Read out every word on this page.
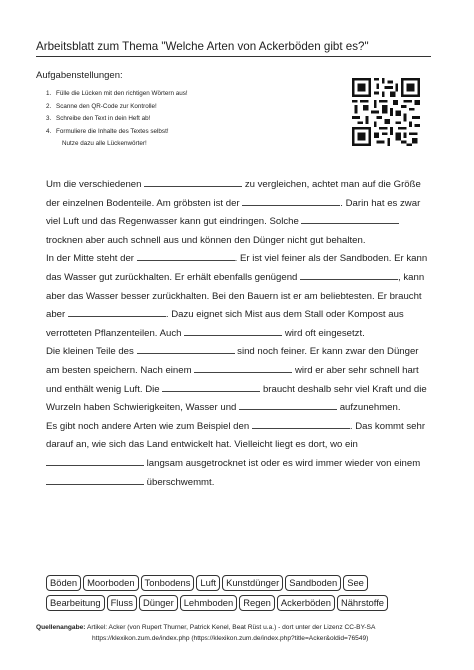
Arbeitsblatt zum Thema "Welche Arten von Ackerböden gibt es?"
Aufgabenstellungen:
1. Fülle die Lücken mit den richtigen Wörtern aus!
2. Scanne den QR-Code zur Kontrolle!
3. Schreibe den Text in dein Heft ab!
4. Formuliere die Inhalte des Textes selbst!
Nutze dazu alle Lückenwörter!

Um die verschiedenen	zu vergleichen, achtet man auf die Größe der einzelnen Bodenteile. Am gröbsten ist der	. Darin hat es zwar viel Luft und das Regenwasser kann gut eindringen. Solche  trocknen aber auch schnell aus und können den Dünger nicht gut behalten.

In der Mitte steht der	. Er ist viel feiner als der Sandboden. Er kann das Wasser gut zurückhalten. Er erhält ebenfalls genügend	, kann aber das Wasser besser zurückhalten. Bei den Bauern ist er am beliebtesten. Er braucht aber	. Dazu eignet sich Mist aus dem Stall oder Kompost aus verrotteten Pflanzenteilen. Auch	wird oft eingesetzt.

Die kleinen Teile des	sind noch feiner. Er kann zwar den Dünger am besten speichern. Nach einem	wird er aber sehr schnell hart und enthält wenig Luft. Die	braucht deshalb sehr viel Kraft und die Wurzeln haben Schwierigkeiten, Wasser und	aufzunehmen.

Es gibt noch andere Arten wie zum Beispiel den	. Das kommt sehr darauf an, wie sich das Land entwickelt hat. Vielleicht liegt es dort, wo ein  langsam ausgetrocknet ist oder es wird immer wieder von einem  überschwemmt.

Böden Moorboden Tonbodens Luft Kunstdünger Sandboden See
Bearbeitung Fluss Dünger Lehmboden Regen Ackerböden Nährstoffe
Quellenangabe: Artikel: Acker (von Rupert Thurner, Patrick Kenel, Beat Rüst u.a.) - dort unter der Lizenz CC-BY-SA
https://klexikon.zum.de/index.php (https://klexikon.zum.de/index.php?title=Acker&oldid=76549)
